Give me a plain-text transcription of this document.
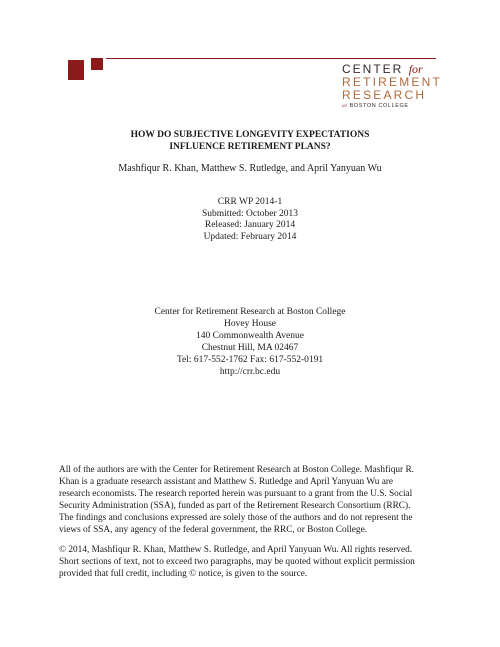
CENTER for
RETIREMENT
RESEARCH
at BOSTON COLLEGE
HOW DO SUBJECTIVE LONGEVITY EXPECTATIONS
INFLUENCE RETIREMENT PLANS?
Mashfiqur R. Khan, Matthew S. Rutledge, and April Yanyuan Wu
CRR WP 2014-1
Submitted: October 2013
Released: January 2014
Updated: February 2014
Center for Retirement Research at Boston College
Hovey House
140 Commonwealth Avenue
Chestnut Hill, MA 02467
Tel: 617-552-1762 Fax: 617-552-0191
http://crr.bc.edu
All of the authors are with the Center for Retirement Research at Boston College. Mashfiqur R.
Khan is a graduate research assistant and Matthew S. Rutledge and April Yanyuan Wu are
research economists. The research reported herein was pursuant to a grant from the U.S. Social
Security Administration (SSA), funded as part of the Retirement Research Consortium (RRC).
The findings and conclusions expressed are solely those of the authors and do not represent the
views of SSA, any agency of the federal government, the RRC, or Boston College.
© 2014, Mashfiqur R. Khan, Matthew S. Rutledge, and April Yanyuan Wu. All rights reserved.
Short sections of text, not to exceed two paragraphs, may be quoted without explicit permission
provided that full credit, including © notice, is given to the source.
